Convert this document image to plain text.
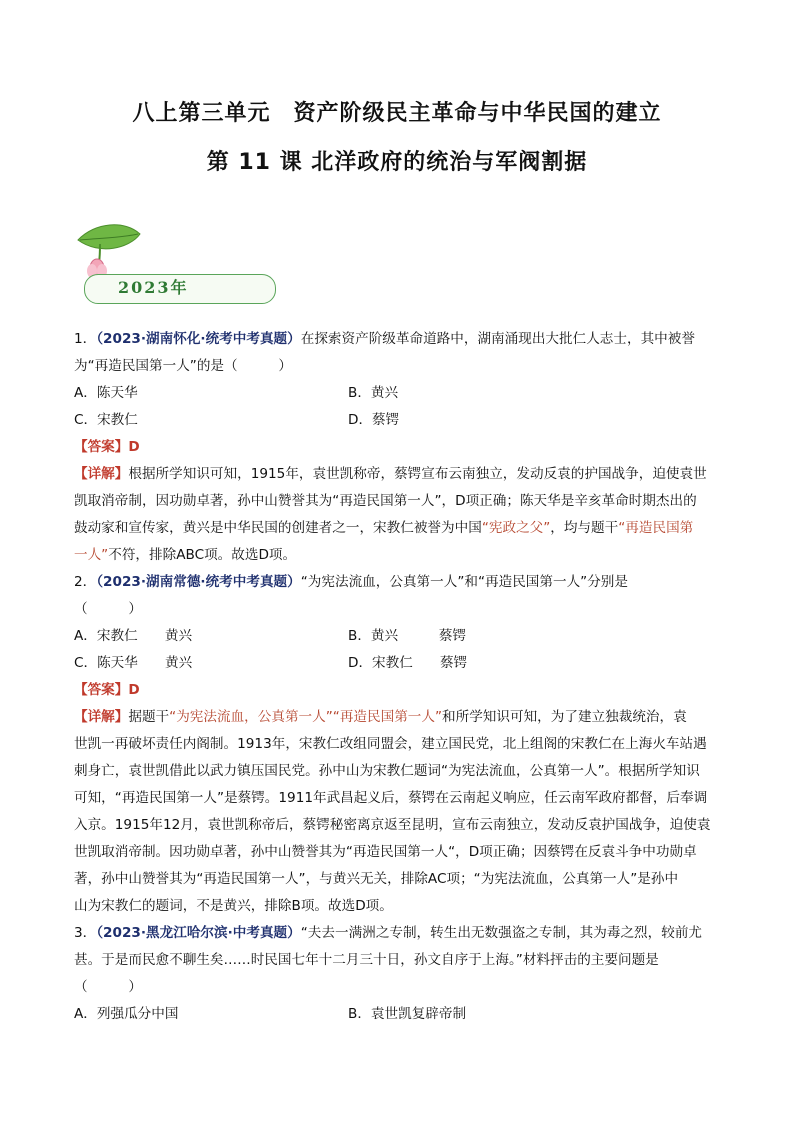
八上第三单元　资产阶级民主革命与中华民国的建立
第 11 课 北洋政府的统治与军阀割据
2023年
1．（2023·湖南怀化·统考中考真题）在探索资产阶级革命道路中，湖南涌现出大批仁人志士，其中被誉
为“再造民国第一人”的是（　　　）
A．陈天华	B．黄兴
C．宋教仁	D．蔡锷
【答案】D
【详解】根据所学知识可知，1915年，袁世凯称帝，蔡锷宣布云南独立，发动反袁的护国战争，迫使袁世
凯取消帝制，因功勋卓著，孙中山赞誉其为“再造民国第一人”，D项正确；陈天华是辛亥革命时期杰出的
鼓动家和宣传家，黄兴是中华民国的创建者之一，宋教仁被誉为中国“宪政之父”，均与题干“再造民国第
一人”不符，排除ABC项。故选D项。
2．（2023·湖南常德·统考中考真题）“为宪法流血，公真第一人”和“再造民国第一人”分别是
（　　　）
A．宋教仁　　黄兴	B．黄兴　　　蔡锷
C．陈天华　　黄兴	D．宋教仁　　蔡锷
【答案】D
【详解】据题干“为宪法流血，公真第一人”“再造民国第一人”和所学知识可知，为了建立独裁统治，袁
世凯一再破坏责任内阁制。1913年，宋教仁改组同盟会，建立国民党，北上组阁的宋教仁在上海火车站遇
刺身亡，袁世凯借此以武力镇压国民党。孙中山为宋教仁题词“为宪法流血，公真第一人”。根据所学知识
可知，“再造民国第一人”是蔡锷。1911年武昌起义后，蔡锷在云南起义响应，任云南军政府都督，后奉调
入京。1915年12月，袁世凯称帝后，蔡锷秘密离京返至昆明，宣布云南独立，发动反袁护国战争，迫使袁
世凯取消帝制。因功勋卓著，孙中山赞誉其为“再造民国第一人“，D项正确；因蔡锷在反袁斗争中功勋卓
著，孙中山赞誉其为“再造民国第一人”，与黄兴无关，排除AC项；“为宪法流血，公真第一人”是孙中
山为宋教仁的题词，不是黄兴，排除B项。故选D项。
3．（2023·黑龙江哈尔滨·中考真题）“夫去一满洲之专制，转生出无数强盗之专制，其为毒之烈，较前尤
甚。于是而民愈不聊生矣……时民国七年十二月三十日，孙文自序于上海。”材料抨击的主要问题是
（　　　）
A．列强瓜分中国	B．袁世凯复辟帝制
